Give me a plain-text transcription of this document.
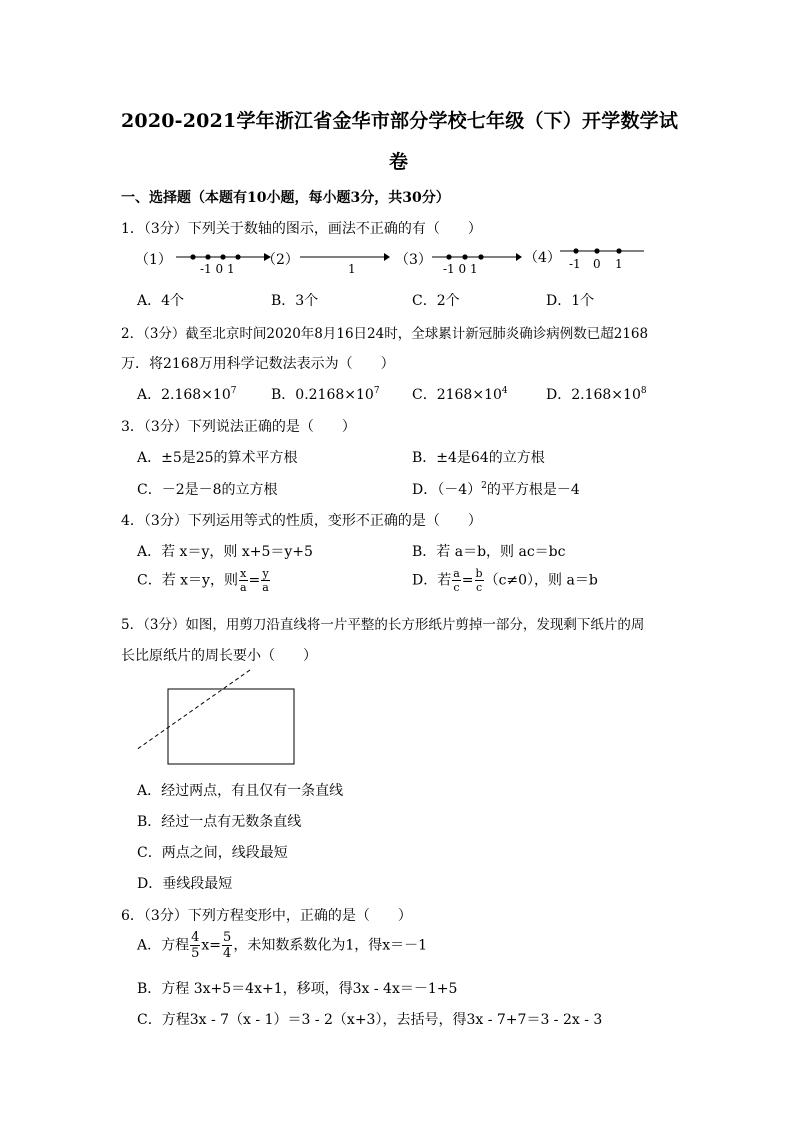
2020-2021学年浙江省金华市部分学校七年级（下）开学数学试
卷
一、选择题（本题有10小题，每小题3分，共30分）
1．（3分）下列关于数轴的图示，画法不正确的有（　　）
（1）
-1 0 1
（2）
1
（3）
-1 0 1
（4） -1 0 1
A．4个	B．3个	C．2个	D．1个
2．（3分）截至北京时间2020年8月16日24时，全球累计新冠肺炎确诊病例数已超2168
万．将2168万用科学记数法表示为（　　）
A．$2.168\times 10^7$ B．$0.2168\times 10^7$ C．$2168\times 10^4$	D．$2.168\times 10^8$
3．（3分）下列说法正确的是（　　）
A．±5是25的算术平方根	B．±4是64的立方根
C．－2是－8的立方根	D．$(-4)^2$的平方根是－4
4．（3分）下列运用等式的性质，变形不正确的是（　　）
A．若 x＝y，则 x+5＝y+5	B．若 a＝b，则 ac＝bc
C．若 x＝y，则 $\frac{x}{a} = \frac{y}{a}$	D．若 $\frac{a}{c} = \frac{b}{c} (c\ne 0)$，则 a＝b
5．（3分）如图，用剪刀沿直线将一片平整的长方形纸片剪掉一部分，发现剩下纸片的周
长比原纸片的周长要小（　　）
A．经过两点，有且仅有一条直线
B．经过一点有无数条直线
C．两点之间，线段最短
D．垂线段最短
6．（3分）下列方程变形中，正确的是（　　）
A．方程 $\frac{4}{5} x= \frac{5}{4}$ ，未知数系数化为1，得x＝－1
B．方程 3x+5＝4x+1，移项，得3x - 4x＝－1+5
C．方程3x - 7（x - 1）＝3 - 2（x+3），去括号，得3x - 7+7＝3 - 2x - 3
